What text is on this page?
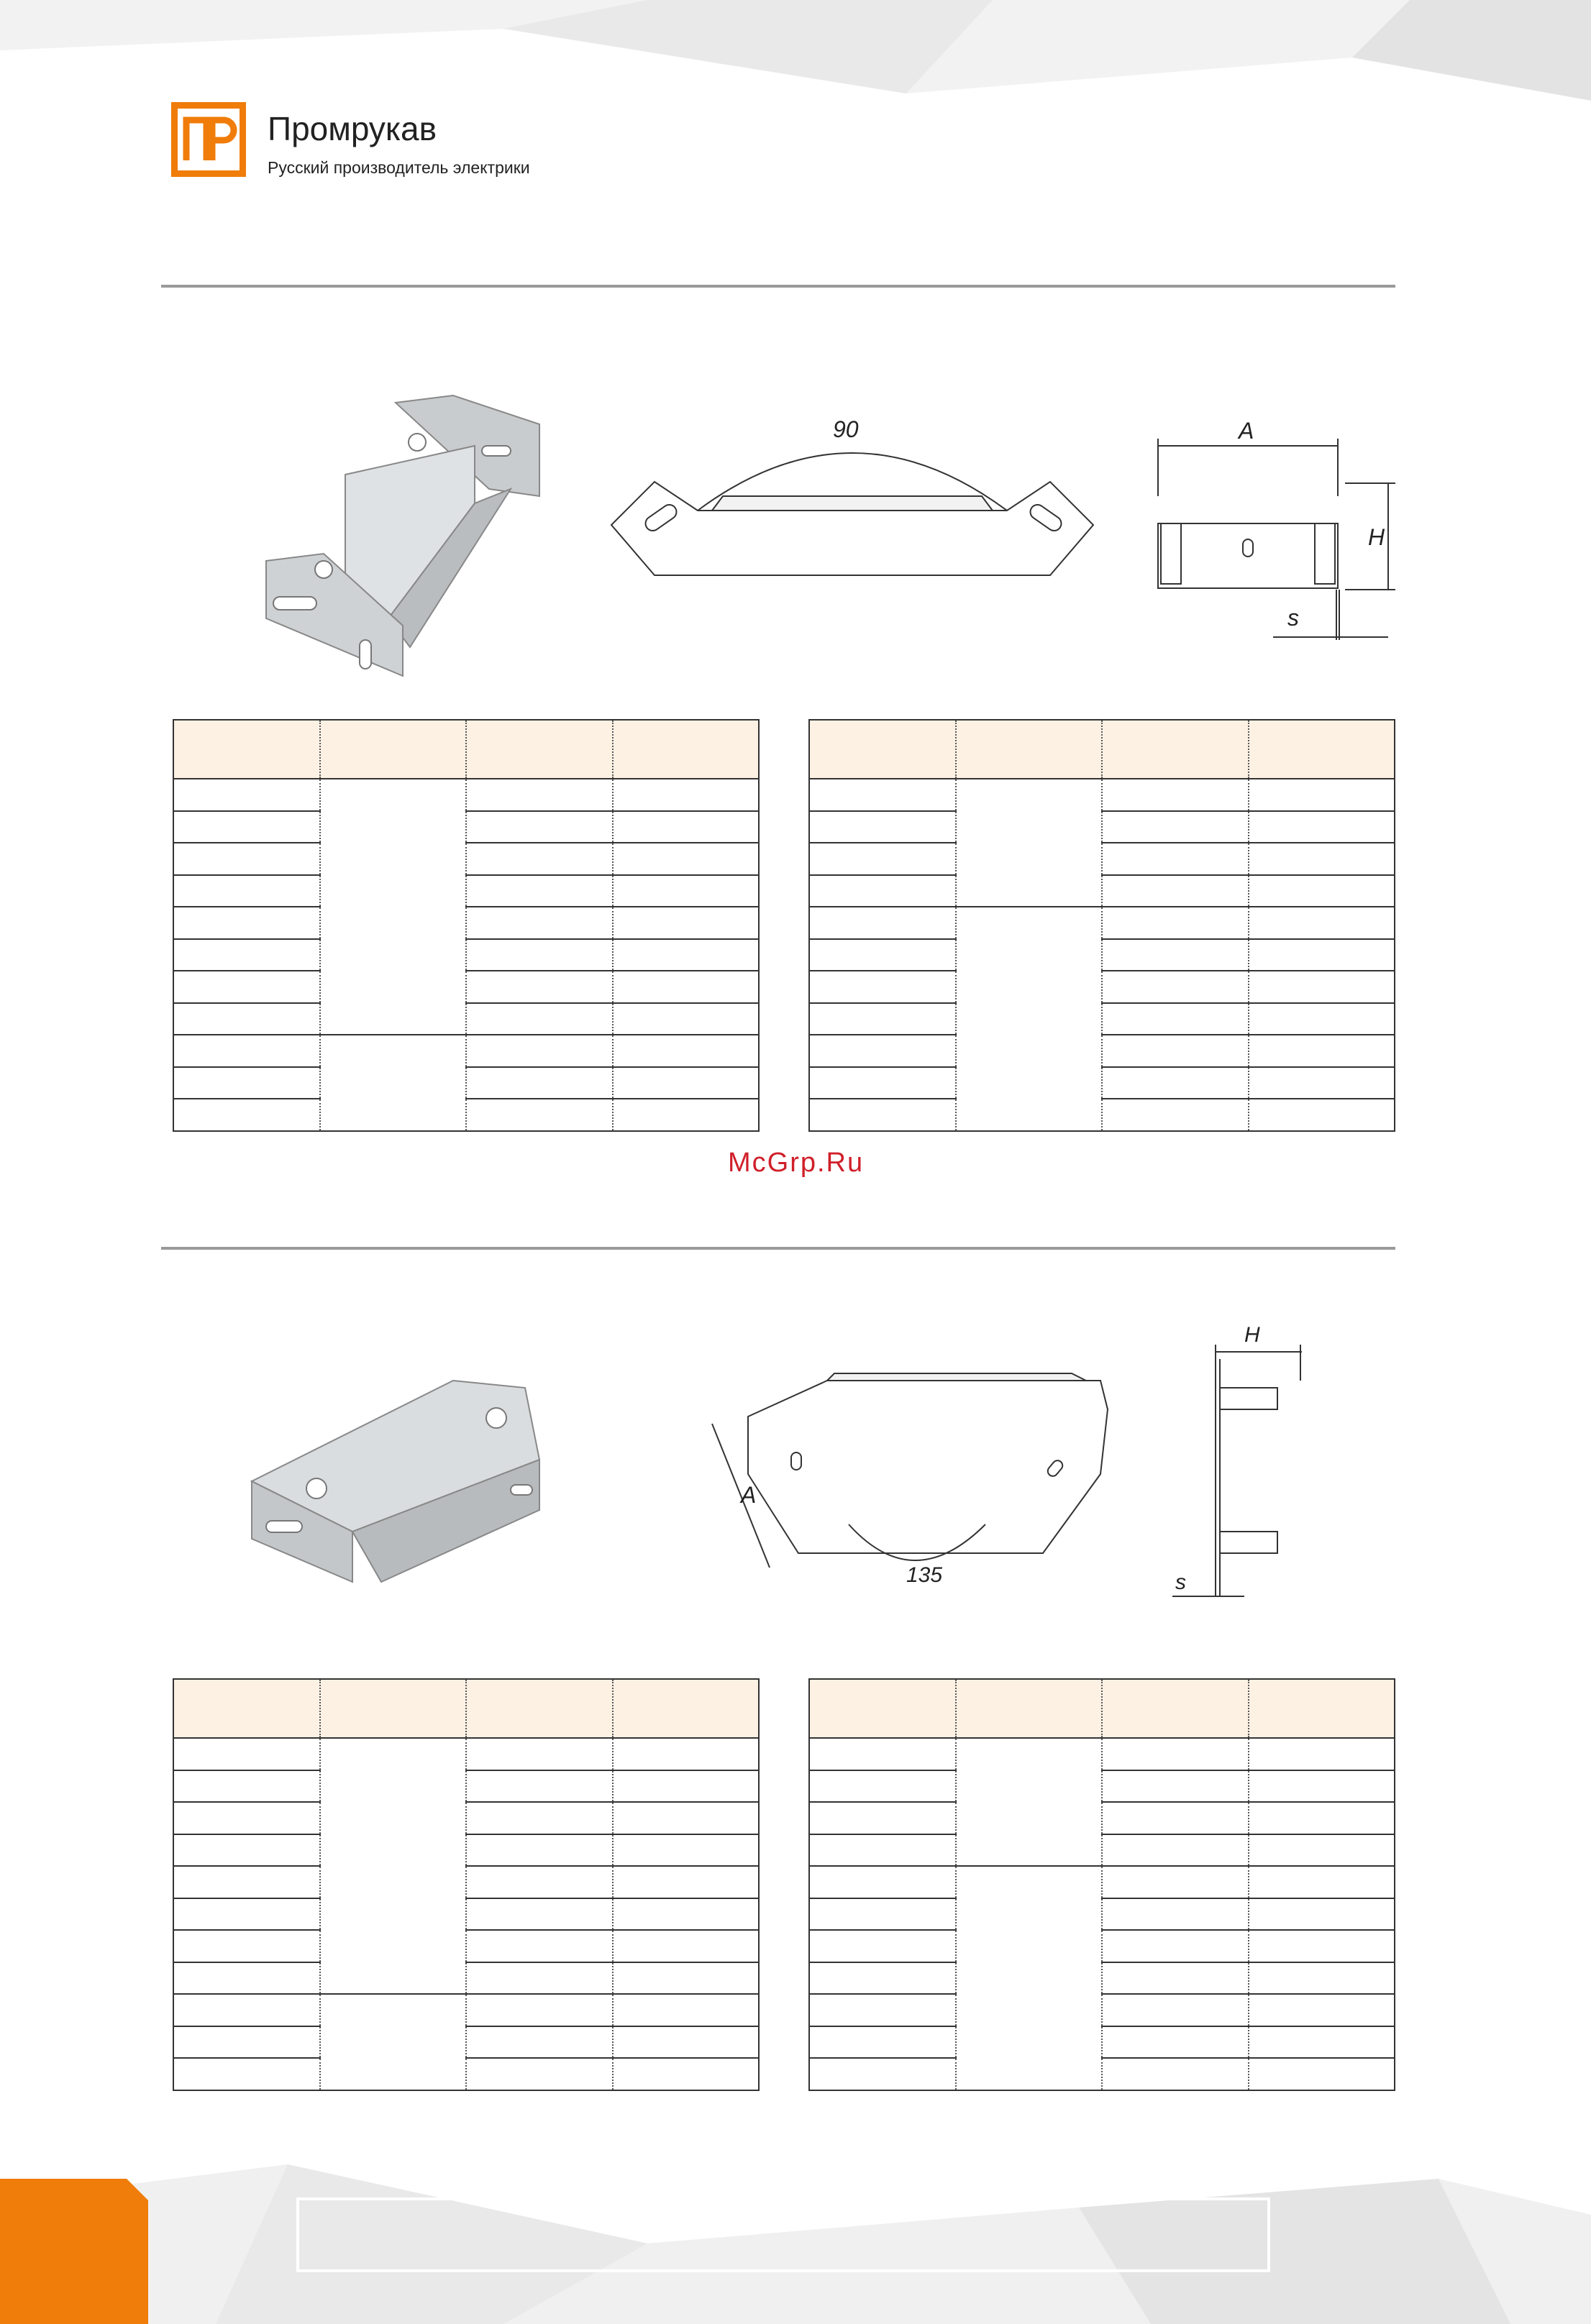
Промрукав
Русский производитель электрики
90	A
H
s

McGrp.Ru
A
135
H
s
